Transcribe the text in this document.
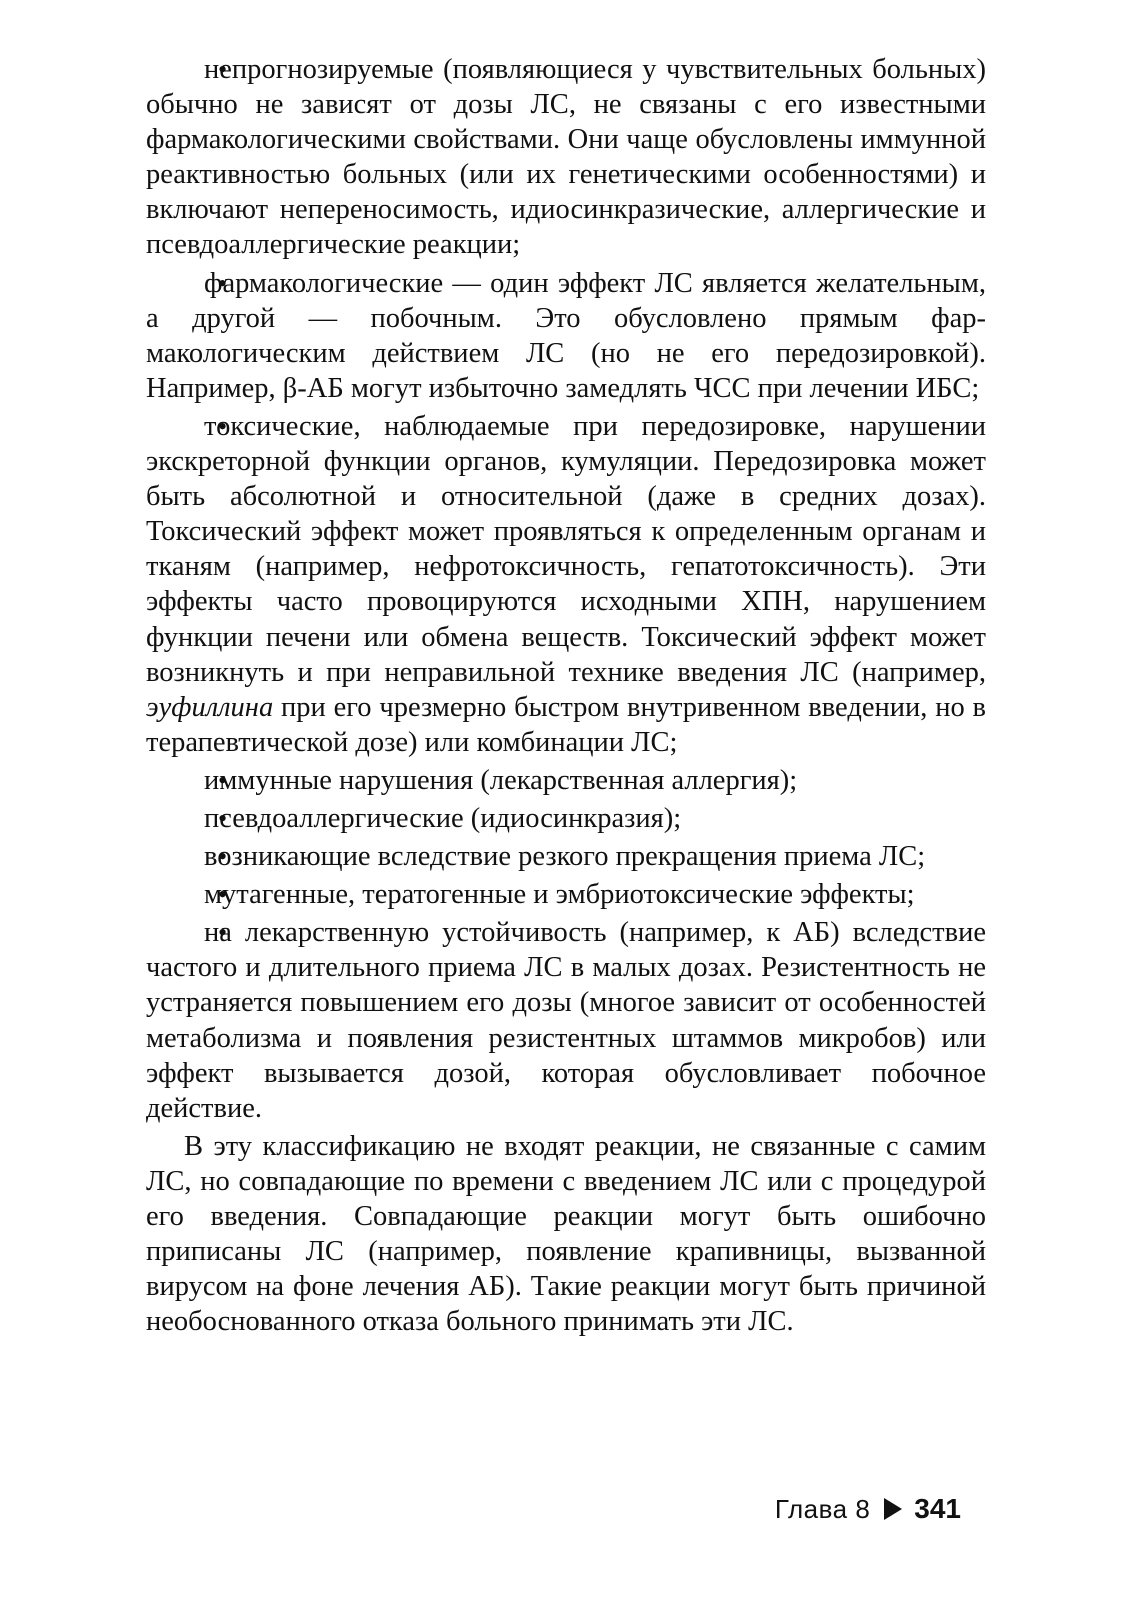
непрогнозируемые (появляющиеся у чувствительных больных) обычно не зависят от дозы ЛС, не связаны с его известными фармакологическими свойствами. Они чаще обусловлены иммунной реактивностью больных (или их генетическими особенностями) и включают непереносимость, идиосинкразические, аллергические и псевдоаллергические реакции;

фармакологические — один эффект ЛС является желательным, а другой — побочным. Это обусловлено прямым фармакологическим действием ЛС (но не его передозировкой). Например, β-АБ могут избыточно замедлять ЧСС при лечении ИБС;

токсические, наблюдаемые при передозировке, нарушении экскреторной функции органов, кумуляции. Передозировка может быть абсолютной и относительной (даже в средних дозах). Токсический эффект может проявляться к определенным органам и тканям (например, нефротоксичность, гепатотоксичность). Эти эффекты часто провоцируются исходными ХПН, нарушением функции печени или обмена веществ. Токсический эффект может возникнуть и при неправильной технике введения ЛС (например, эуфиллина при его чрезмерно быстром внутривенном введении, но в терапевтической дозе) или комбинации ЛС;

иммунные нарушения (лекарственная аллергия);

псевдоаллергические (идиосинкразия);

возникающие вследствие резкого прекращения приема ЛС;

мутагенные, тератогенные и эмбриотоксические эффекты;

на лекарственную устойчивость (например, к АБ) вследствие частого и длительного приема ЛС в малых дозах. Резистентность не устраняется повышением его дозы (многое зависит от особенностей метаболизма и появления резистентных штаммов микробов) или эффект вызывается дозой, которая обусловливает побочное действие.

В эту классификацию не входят реакции, не связанные с самим ЛС, но совпадающие по времени с введением ЛС или с процедурой его введения. Совпадающие реакции могут быть ошибочно приписаны ЛС (например, появление крапивницы, вызванной вирусом на фоне лечения АБ). Такие реакции могут быть причиной необоснованного отказа больного принимать эти ЛС.

Глава 8 341
